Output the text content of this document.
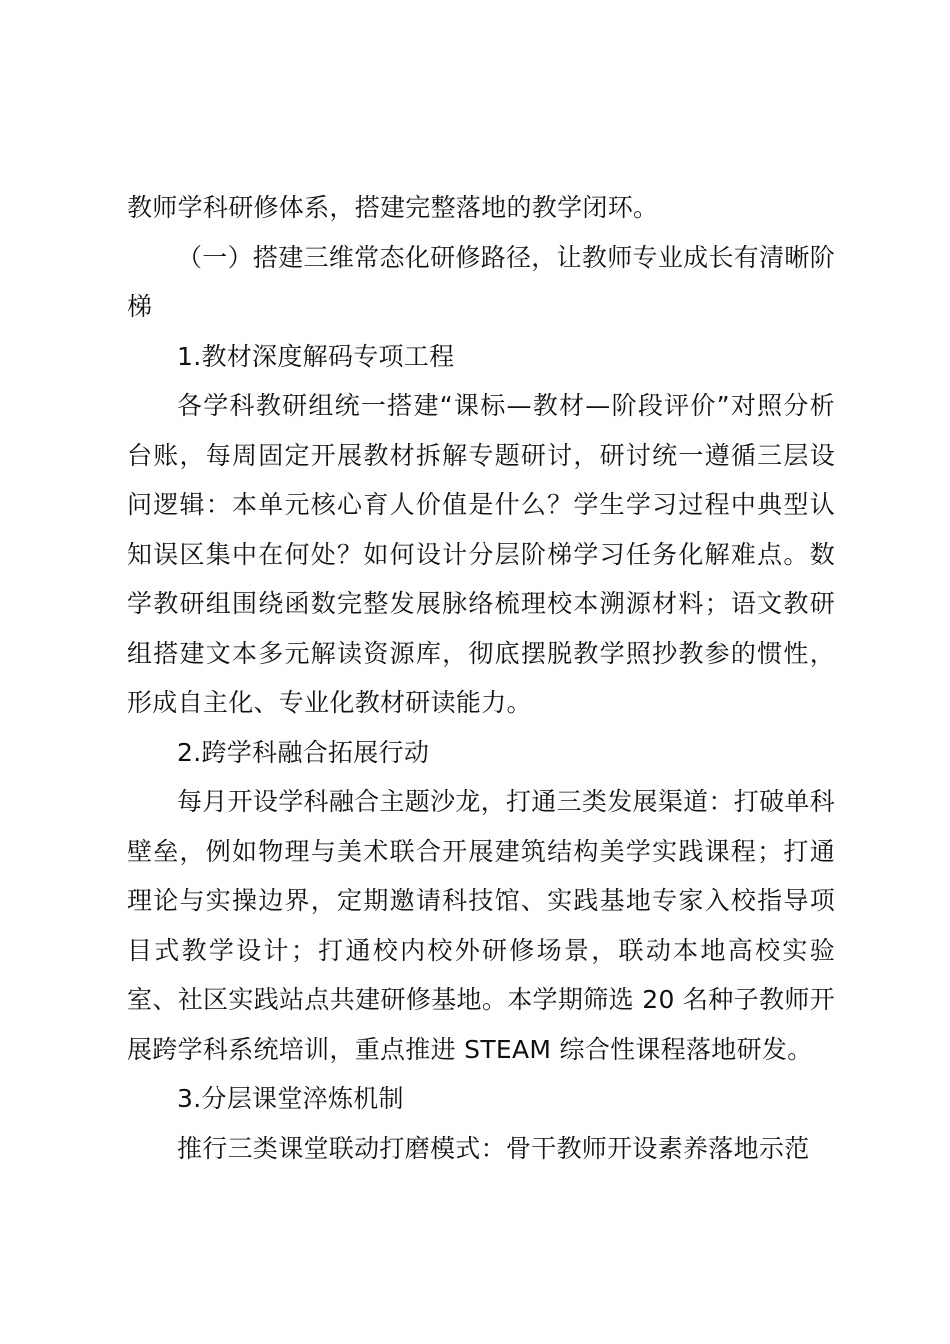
教师学科研修体系，搭建完整落地的教学闭环。

（一）搭建三维常态化研修路径，让教师专业成长有清晰阶梯

1.教材深度解码专项工程

各学科教研组统一搭建“课标—教材—阶段评价”对照分析台账，每周固定开展教材拆解专题研讨，研讨统一遵循三层设问逻辑：本单元核心育人价值是什么？学生学习过程中典型认知误区集中在何处？如何设计分层阶梯学习任务化解难点。数学教研组围绕函数完整发展脉络梳理校本溯源材料；语文教研组搭建文本多元解读资源库，彻底摆脱教学照抄教参的惯性，形成自主化、专业化教材研读能力。

2.跨学科融合拓展行动

每月开设学科融合主题沙龙，打通三类发展渠道：打破单科壁垒，例如物理与美术联合开展建筑结构美学实践课程；打通理论与实操边界，定期邀请科技馆、实践基地专家入校指导项目式教学设计；打通校内校外研修场景，联动本地高校实验室、社区实践站点共建研修基地。本学期筛选 20 名种子教师开展跨学科系统培训，重点推进 STEAM 综合性课程落地研发。

3.分层课堂淬炼机制

推行三类课堂联动打磨模式：骨干教师开设素养落地示范
